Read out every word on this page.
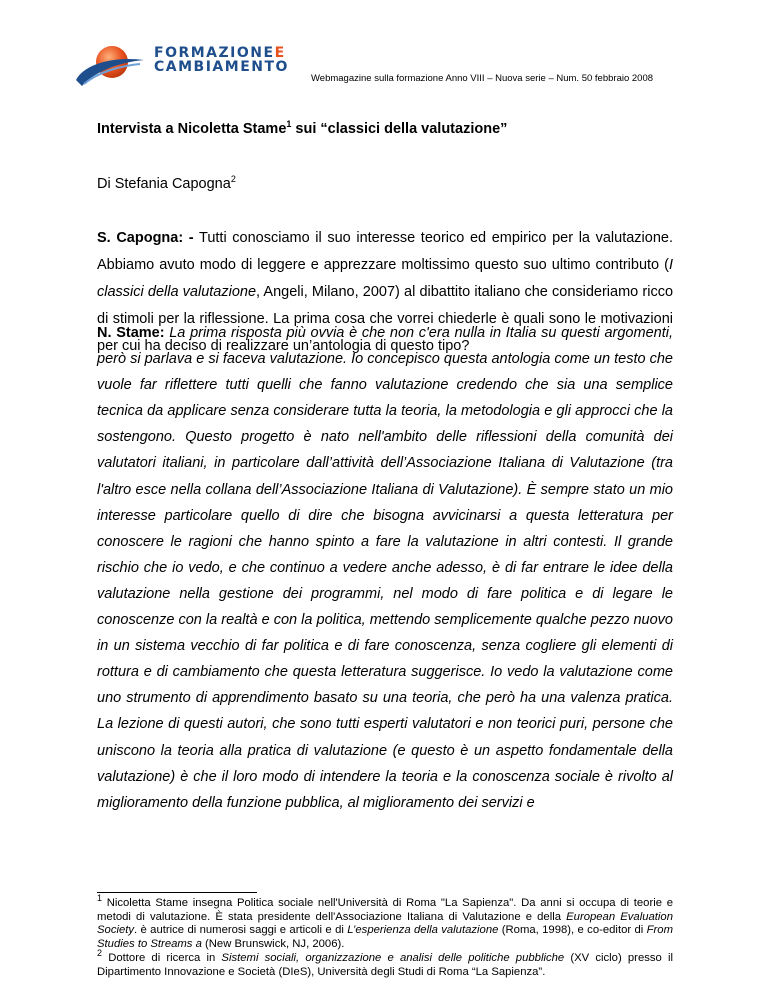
FORMAZIONEE
CAMBIAMENTO
Webmagazine sulla formazione Anno VIII – Nuova serie – Num. 50 febbraio 2008
Intervista a Nicoletta Stame$^1$ sui “classici della valutazione”
Di Stefania Capogna$^2$
S. Capogna: - Tutti conosciamo il suo interesse teorico ed empirico per la valutazione. Abbiamo avuto modo di leggere e apprezzare moltissimo questo suo ultimo contributo (I classici della valutazione, Angeli, Milano, 2007) al dibattito italiano che consideriamo ricco di stimoli per la riflessione. La prima cosa che vorrei chiederle è quali sono le motivazioni per cui ha deciso di realizzare un’antologia di questo tipo?
N. Stame: La prima risposta più ovvia è che non c'era nulla in Italia su questi argomenti, però si parlava e si faceva valutazione. Io concepisco questa antologia come un testo che vuole far riflettere tutti quelli che fanno valutazione credendo che sia una semplice tecnica da applicare senza considerare tutta la teoria, la metodologia e gli approcci che la sostengono. Questo progetto è nato nell'ambito delle riflessioni della comunità dei valutatori italiani, in particolare dall’attività dell’Associazione Italiana di Valutazione (tra l'altro esce nella collana dell’Associazione Italiana di Valutazione). È sempre stato un mio interesse particolare quello di dire che bisogna avvicinarsi a questa letteratura per conoscere le ragioni che hanno spinto a fare la valutazione in altri contesti. Il grande rischio che io vedo, e che continuo a vedere anche adesso, è di far entrare le idee della valutazione nella gestione dei programmi, nel modo di fare politica e di legare le conoscenze con la realtà e con la politica, mettendo semplicemente qualche pezzo nuovo in un sistema vecchio di far politica e di fare conoscenza, senza cogliere gli elementi di rottura e di cambiamento che questa letteratura suggerisce. Io vedo la valutazione come uno strumento di apprendimento basato su una teoria, che però ha una valenza pratica. La lezione di questi autori, che sono tutti esperti valutatori e non teorici puri, persone che uniscono la teoria alla pratica di valutazione (e questo è un aspetto fondamentale della valutazione) è che il loro modo di intendere la teoria e la conoscenza sociale è rivolto al miglioramento della funzione pubblica, al miglioramento dei servizi e
$^1$ Nicoletta Stame insegna Politica sociale nell'Università di Roma "La Sapienza". Da anni si occupa di teorie e metodi di valutazione. È stata presidente dell'Associazione Italiana di Valutazione e della European Evaluation Society. è autrice di numerosi saggi e articoli e di L’esperienza della valutazione (Roma, 1998), e co-editor di From Studies to Streams a (New Brunswick, NJ, 2006).
$^2$ Dottore di ricerca in Sistemi sociali, organizzazione e analisi delle politiche pubbliche (XV ciclo) presso il Dipartimento Innovazione e Società (DIeS), Università degli Studi di Roma “La Sapienza”.
